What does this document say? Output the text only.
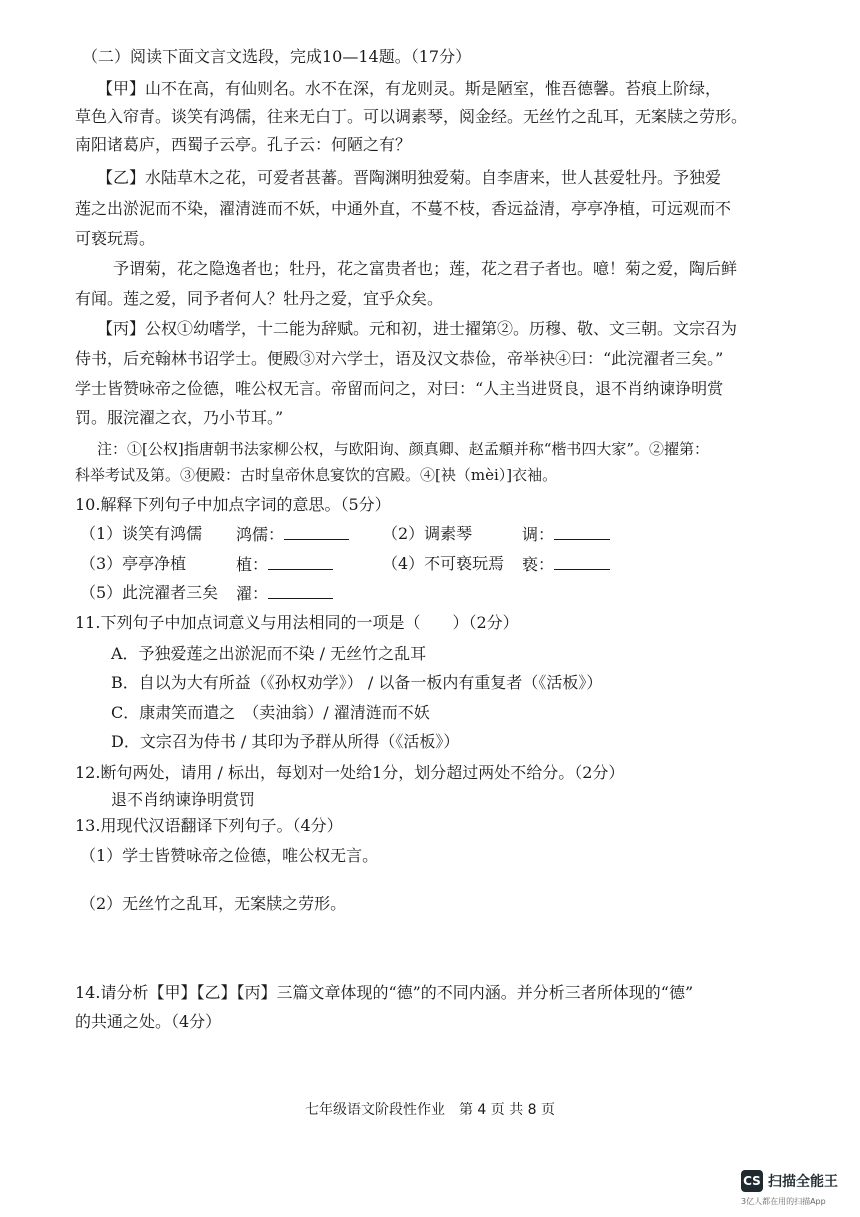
（二）阅读下面文言文选段，完成10—14题。（17分）
【甲】山不在高，有仙则名。水不在深，有龙则灵。斯是陋室，惟吾德馨。苔痕上阶绿，
草色入帘青。谈笑有鸿儒，往来无白丁。可以调素琴，阅金经。无丝竹之乱耳，无案牍之劳形。
南阳诸葛庐，西蜀子云亭。孔子云：何陋之有？
【乙】水陆草木之花，可爱者甚蕃。晋陶渊明独爱菊。自李唐来，世人甚爱牡丹。予独爱
莲之出淤泥而不染，濯清涟而不妖，中通外直，不蔓不枝，香远益清，亭亭净植，可远观而不
可亵玩焉。
予谓菊，花之隐逸者也；牡丹，花之富贵者也；莲，花之君子者也。噫！菊之爱，陶后鲜
有闻。莲之爱，同予者何人？牡丹之爱，宜乎众矣。
【丙】公权①幼嗜学，十二能为辞赋。元和初，进士擢第②。历穆、敬、文三朝。文宗召为
侍书，后充翰林书诏学士。便殿③对六学士，语及汉文恭俭，帝举袂④曰：“此浣濯者三矣。”
学士皆赞咏帝之俭德，唯公权无言。帝留而问之，对曰：“人主当进贤良，退不肖纳谏诤明赏
罚。服浣濯之衣，乃小节耳。”
注：①[公权]指唐朝书法家柳公权，与欧阳询、颜真卿、赵孟頫并称“楷书四大家”。②擢第：
科举考试及第。③便殿：古时皇帝休息宴饮的宫殿。④[袂（mèi）]衣袖。
10.解释下列句子中加点字词的意思。（5分）
（1）谈笑有鸿儒 鸿儒：	（2）调素琴	调：
（3）亭亭净植	植：	（4）不可亵玩焉 亵：
（5）此浣濯者三矣 濯：
11.下列句子中加点词意义与用法相同的一项是（　　）（2分）
A．予独爱莲之出淤泥而不染 / 无丝竹之乱耳
B．自以为大有所益（《孙权劝学》） / 以备一板内有重复者（《活板》）
C．康肃笑而遣之　（卖油翁）/ 濯清涟而不妖
D．文宗召为侍书 / 其印为予群从所得（《活板》）
12.断句两处，请用 / 标出，每划对一处给1分，划分超过两处不给分。（2分）
退不肖纳谏诤明赏罚
13.用现代汉语翻译下列句子。（4分）
（1）学士皆赞咏帝之俭德，唯公权无言。
（2）无丝竹之乱耳，无案牍之劳形。
14.请分析【甲】【乙】【丙】三篇文章体现的“德”的不同内涵。并分析三者所体现的“德”
的共通之处。（4分）
七年级语文阶段性作业　第 4 页 共 8 页
CS 扫描全能王
3亿人都在用的扫描App
